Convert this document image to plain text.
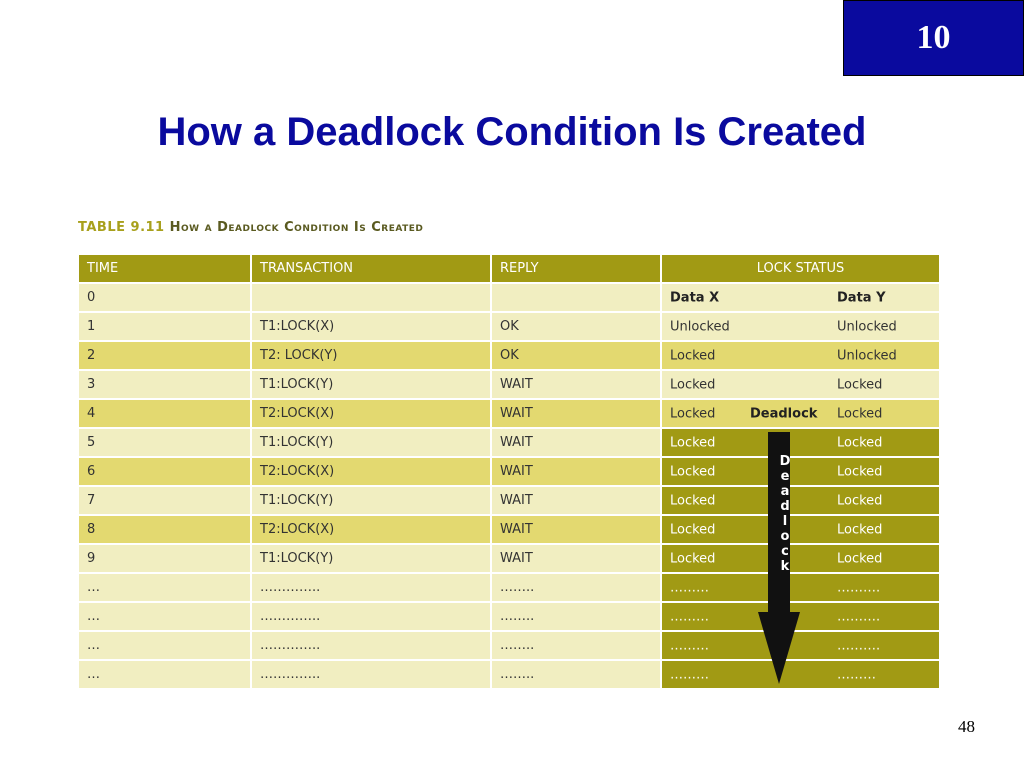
10
How a Deadlock Condition Is Created
TABLE 9.11 How a Deadlock Condition Is Created
TIME	TRANSACTION	REPLY	LOCK STATUS
0			Data X Data Y

1	T1:LOCK(X)	OK	Unlocked Unlocked

2	T2: LOCK(Y)	OK	Locked Unlocked

3	T1:LOCK(Y)	WAIT	Locked Locked

4	T2:LOCK(X)	WAIT	Locked Locked
Deadlock

5	T1:LOCK(Y)	WAIT	Locked Locked

6	T2:LOCK(X)	WAIT	Locked Locked

7	T1:LOCK(Y)	WAIT	Locked Locked

8	T2:LOCK(X)	WAIT	Locked Locked

9	T1:LOCK(Y)	WAIT	Locked Locked

…	…………..	……..	……… ……….

…	…………..	……..	……… ……….

…	…………..	……..	……… ……….

…	…………..	……..	……… ………
D
e
a
d
l
o
c
k
48
